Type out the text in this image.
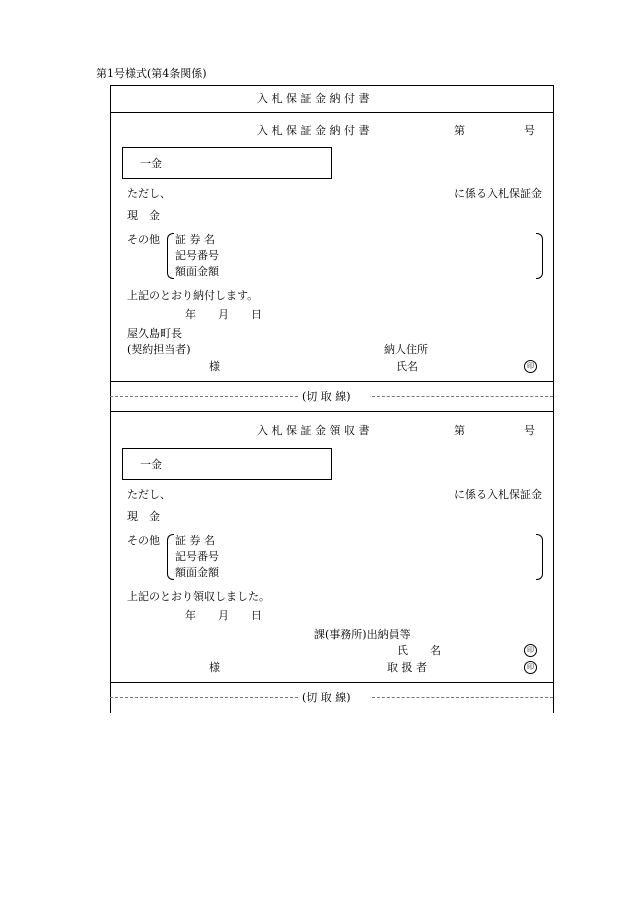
第1号様式(第4条関係)
入 札 保 証 金 納 付 書
入 札 保 証 金 納 付 書	第	号
一金
ただし、	に係る入札保証金
現　金
その他 証 券 名
記号番号
額面金額
上記のとおり納付します。
年　　月　　日
屋久島町長
(契約担当者)	納人住所
様	氏名	印
(切 取 線)
入 札 保 証 金 領 収 書	第	号
一金
ただし、	に係る入札保証金
現　金
その他 証 券 名
記号番号
額面金額
上記のとおり領収しました。
年　　月　　日
課(事務所)出納員等
氏　　名	印
様	取 扱 者	印
(切 取 線)
